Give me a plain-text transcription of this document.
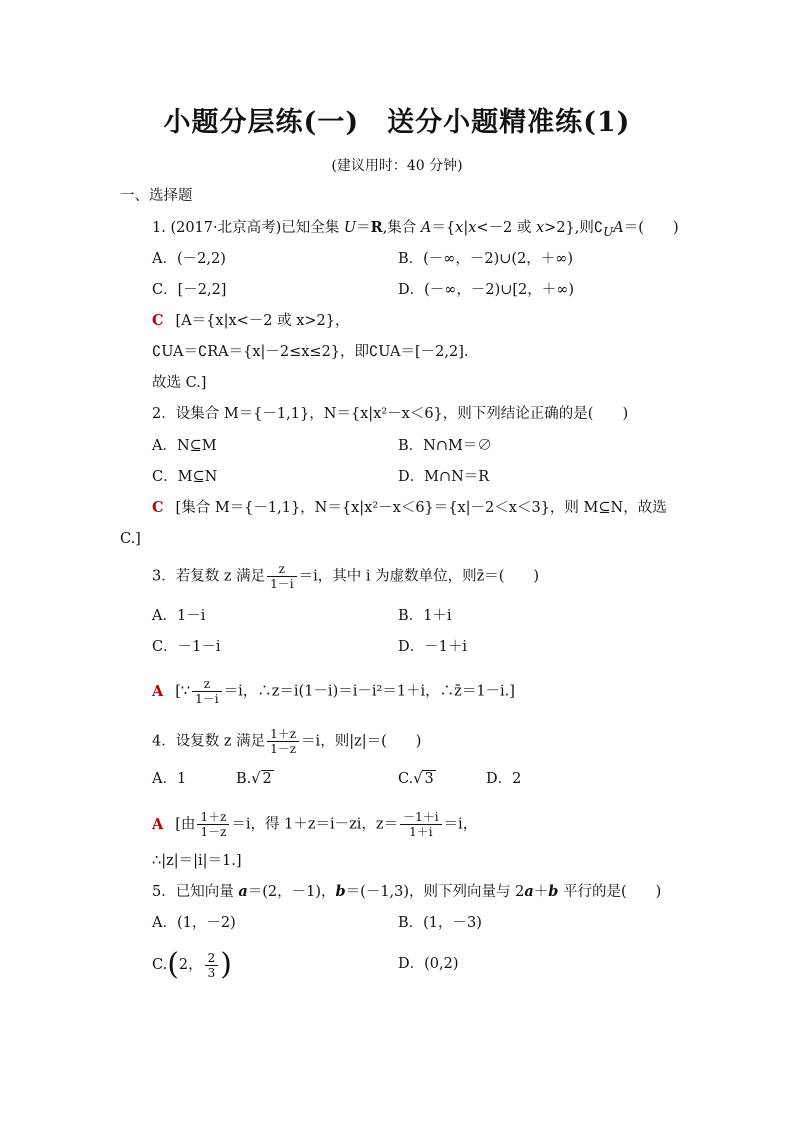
小题分层练(一)　送分小题精准练(1)
(建议用时：40 分钟)
一、选择题
1. (2017·北京高考)已知全集 U＝R,集合 A＝{x|x<－2 或 x>2},则$∁_UA=$(　　)
A．(－2,2)	B．(－∞，－2)∪(2，＋∞)
C．[－2,2]	D．(－∞，－2)∪[2，＋∞)
C [A＝{x|x<－2 或 x>2}，
∁UA＝∁RA＝{x|－2≤x≤2}，即∁UA＝[－2,2].
故选 C.]
2．设集合 M＝{－1,1}，N＝{x|x²－x＜6}，则下列结论正确的是(　　)
A．N⊆M	B．N∩M＝∅
C．M⊆N	D．M∩N＝R
C [集合 M＝{－1,1}，N＝{x|x²－x＜6}＝{x|－2＜x＜3}，则 M⊆N，故选
C.]
3．若复数 z 满足 $\frac{z}{1-i} =i$，其中 i 为虚数单位，则z̄＝(　　)
A．1－i	B．1＋i
C．－1－i	D．－1＋i
A [∵ $\frac{z}{1-i} =i$，∴z＝i(1－i)＝i－i²＝1＋i，∴z̄＝1－i.]
4．设复数 z 满足 $\frac{1+z}{1-z} =i$，则|z|＝(　　)
A．1	B.√ 2	C.√ 3	D．2
A [由 $\frac{1+z}{1-z} =i$，得 1＋z＝i－zi，$z= \frac{-1+i}{1+i} =i$，
∴|z|＝|i|＝1.]
5．已知向量 a＝(2，－1)，b＝(－1,3)，则下列向量与 2a＋b 平行的是(　　)
A．(1，－2)	B．(1，－3)
C.(2， $\frac{2}{3}$ )	D．(0,2)
